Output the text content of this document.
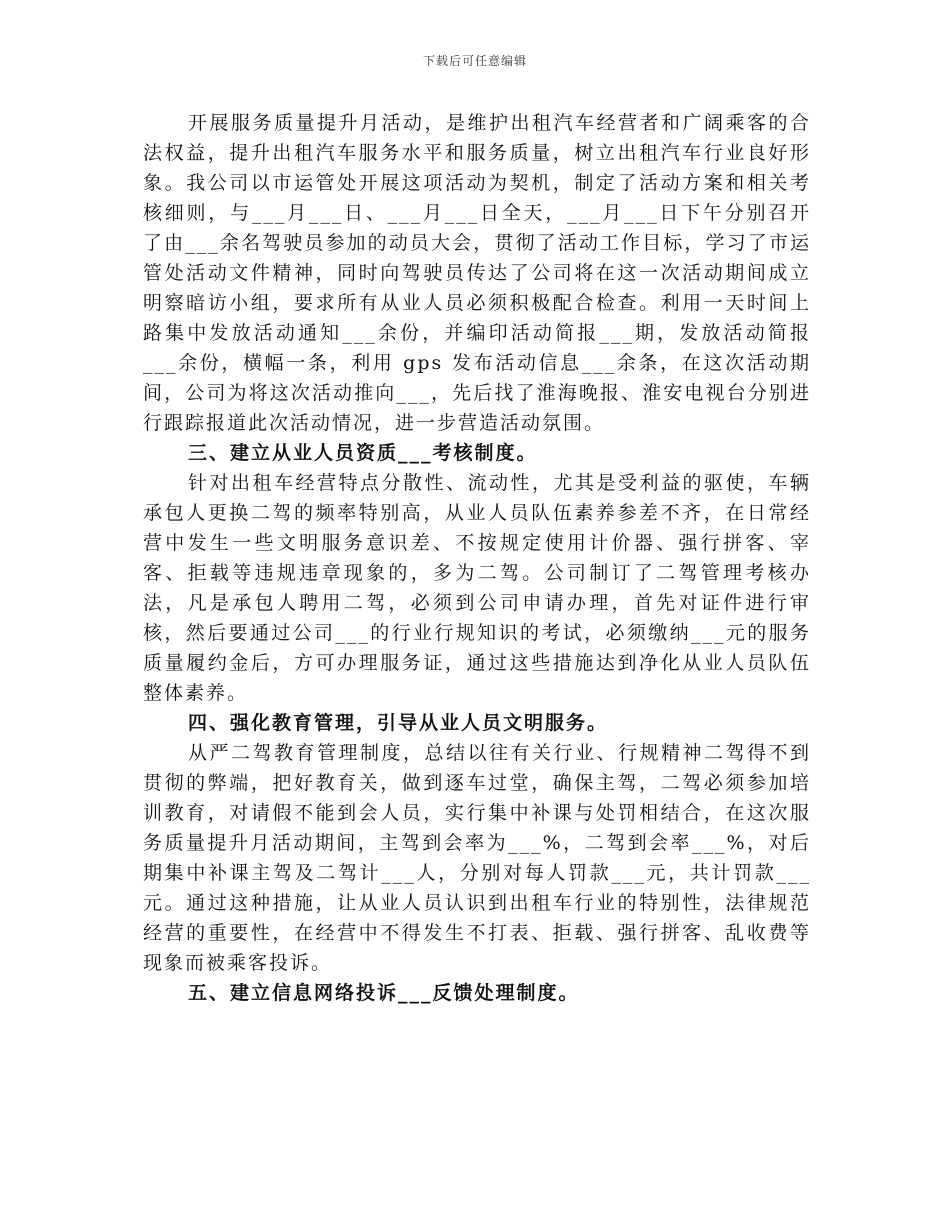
下载后可任意编辑

开展服务质量提升月活动，是维护出租汽车经营者和广阔乘客的合法权益，提升出租汽车服务水平和服务质量，树立出租汽车行业良好形象。我公司以市运管处开展这项活动为契机，制定了活动方案和相关考核细则，与___月___日、___月___日全天，___月___日下午分别召开了由___余名驾驶员参加的动员大会，贯彻了活动工作目标，学习了市运管处活动文件精神，同时向驾驶员传达了公司将在这一次活动期间成立明察暗访小组，要求所有从业人员必须积极配合检查。利用一天时间上路集中发放活动通知___余份，并编印活动简报___期，发放活动简报___余份，横幅一条，利用 gps 发布活动信息___余条，在这次活动期间，公司为将这次活动推向___，先后找了淮海晚报、淮安电视台分别进行跟踪报道此次活动情况，进一步营造活动氛围。

三、建立从业人员资质___考核制度。

针对出租车经营特点分散性、流动性，尤其是受利益的驱使，车辆承包人更换二驾的频率特别高，从业人员队伍素养参差不齐，在日常经营中发生一些文明服务意识差、不按规定使用计价器、强行拼客、宰客、拒载等违规违章现象的，多为二驾。公司制订了二驾管理考核办法，凡是承包人聘用二驾，必须到公司申请办理，首先对证件进行审核，然后要通过公司___的行业行规知识的考试，必须缴纳___元的服务质量履约金后，方可办理服务证，通过这些措施达到净化从业人员队伍整体素养。

四、强化教育管理，引导从业人员文明服务。

从严二驾教育管理制度，总结以往有关行业、行规精神二驾得不到贯彻的弊端，把好教育关，做到逐车过堂，确保主驾，二驾必须参加培训教育，对请假不能到会人员，实行集中补课与处罚相结合，在这次服务质量提升月活动期间，主驾到会率为___%，二驾到会率___%，对后期集中补课主驾及二驾计___人，分别对每人罚款___元，共计罚款___元。通过这种措施，让从业人员认识到出租车行业的特别性，法律规范经营的重要性，在经营中不得发生不打表、拒载、强行拼客、乱收费等现象而被乘客投诉。

五、建立信息网络投诉___反馈处理制度。
